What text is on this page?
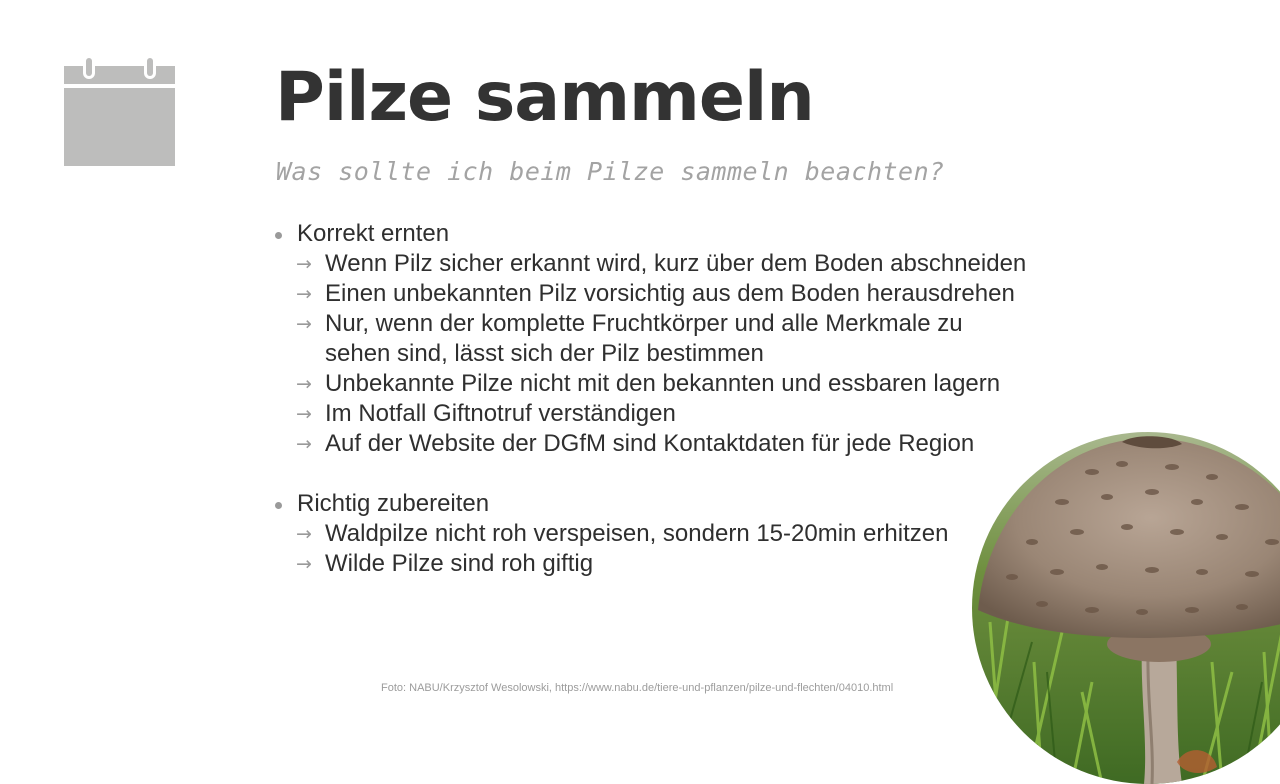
Pilze sammeln

Was sollte ich beim Pilze sammeln beachten?

Korrekt ernten
→ Wenn Pilz sicher erkannt wird, kurz über dem Boden abschneiden
→ Einen unbekannten Pilz vorsichtig aus dem Boden herausdrehen
→ Nur, wenn der komplette Fruchtkörper und alle Merkmale zu sehen sind, lässt sich der Pilz bestimmen
→ Unbekannte Pilze nicht mit den bekannten und essbaren lagern
→ Im Notfall Giftnotruf verständigen
→ Auf der Website der DGfM sind Kontaktdaten für jede Region
Richtig zubereiten
→ Waldpilze nicht roh verspeisen, sondern 15-20min erhitzen
→ Wilde Pilze sind roh giftig

Foto: NABU/Krzysztof Wesolowski, https://www.nabu.de/tiere-und-pflanzen/pilze-und-flechten/04010.html
